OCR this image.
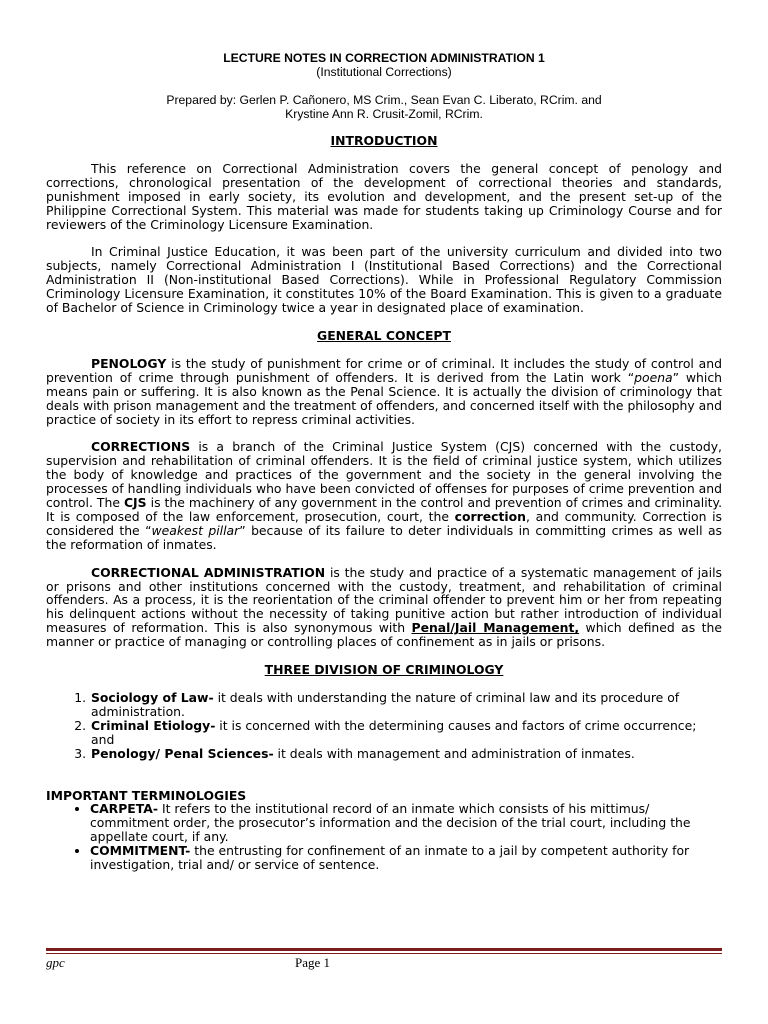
LECTURE NOTES IN CORRECTION ADMINISTRATION 1
(Institutional Corrections)
Prepared by: Gerlen P. Cañonero, MS Crim., Sean Evan C. Liberato, RCrim. and
Krystine Ann R. Crusit-Zomil, RCrim.

INTRODUCTION

This reference on Correctional Administration covers the general concept of penology and corrections, chronological presentation of the development of correctional theories and standards, punishment imposed in early society, its evolution and development, and the present set-up of the Philippine Correctional System. This material was made for students taking up Criminology Course and for reviewers of the Criminology Licensure Examination.

In Criminal Justice Education, it was been part of the university curriculum and divided into two subjects, namely Correctional Administration I (Institutional Based Corrections) and the Correctional Administration II (Non-institutional Based Corrections). While in Professional Regulatory Commission Criminology Licensure Examination, it constitutes 10% of the Board Examination. This is given to a graduate of Bachelor of Science in Criminology twice a year in designated place of examination.

GENERAL CONCEPT

PENOLOGY is the study of punishment for crime or of criminal. It includes the study of control and prevention of crime through punishment of offenders. It is derived from the Latin work “poena” which means pain or suffering. It is also known as the Penal Science. It is actually the division of criminology that deals with prison management and the treatment of offenders, and concerned itself with the philosophy and practice of society in its effort to repress criminal activities.

CORRECTIONS is a branch of the Criminal Justice System (CJS) concerned with the custody, supervision and rehabilitation of criminal offenders. It is the field of criminal justice system, which utilizes the body of knowledge and practices of the government and the society in the general involving the processes of handling individuals who have been convicted of offenses for purposes of crime prevention and control. The CJS is the machinery of any government in the control and prevention of crimes and criminality. It is composed of the law enforcement, prosecution, court, the correction, and community. Correction is considered the “weakest pillar” because of its failure to deter individuals in committing crimes as well as the reformation of inmates.

CORRECTIONAL ADMINISTRATION is the study and practice of a systematic management of jails or prisons and other institutions concerned with the custody, treatment, and rehabilitation of criminal offenders. As a process, it is the reorientation of the criminal offender to prevent him or her from repeating his delinquent actions without the necessity of taking punitive action but rather introduction of individual measures of reformation. This is also synonymous with Penal/Jail Management, which defined as the manner or practice of managing or controlling places of confinement as in jails or prisons.

THREE DIVISION OF CRIMINOLOGY

1. Sociology of Law- it deals with understanding the nature of criminal law and its procedure of administration.
2. Criminal Etiology- it is concerned with the determining causes and factors of crime occurrence; and
3. Penology/ Penal Sciences- it deals with management and administration of inmates.
IMPORTANT TERMINOLOGIES
• CARPETA- It refers to the institutional record of an inmate which consists of his mittimus/ commitment order, the prosecutor’s information and the decision of the trial court, including the appellate court, if any.
• COMMITMENT- the entrusting for confinement of an inmate to a jail by competent authority for investigation, trial and/ or service of sentence.
gpc	Page 1
